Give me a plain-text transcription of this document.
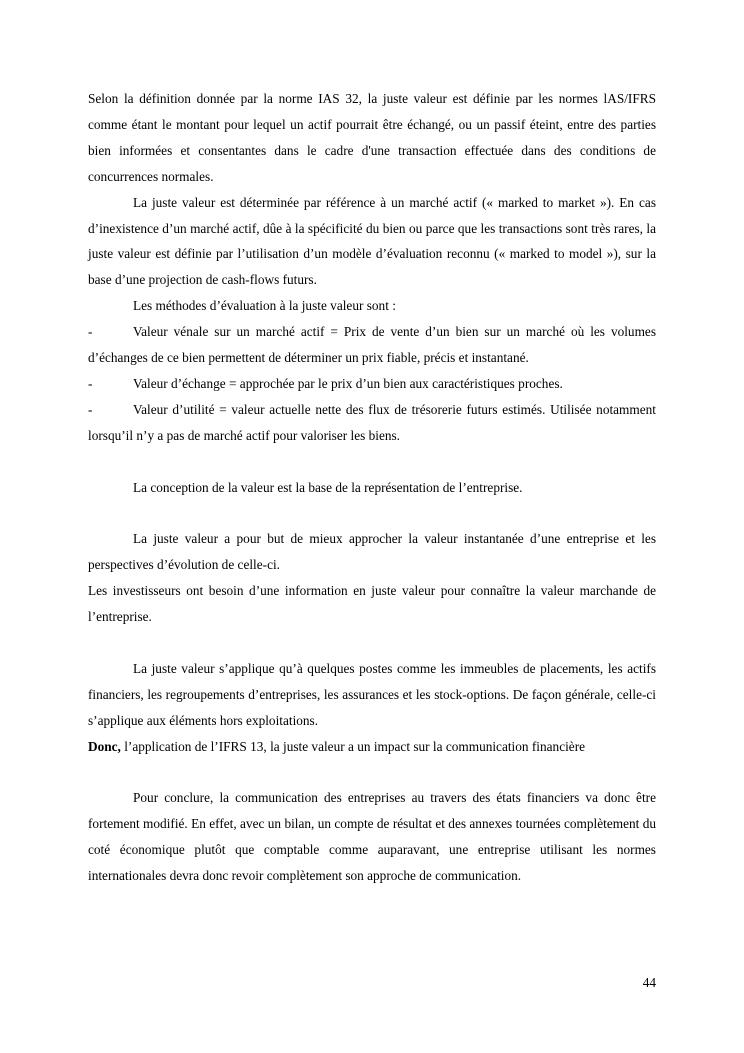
Selon la définition donnée par la norme IAS 32, la juste valeur est définie par les normes lAS/IFRS comme étant le montant pour lequel un actif pourrait être échangé, ou un passif éteint, entre des parties bien informées et consentantes dans le cadre d'une transaction effectuée dans des conditions de concurrences normales.

La juste valeur est déterminée par référence à un marché actif (« marked to market »). En cas d’inexistence d’un marché actif, dûe à la spécificité du bien ou parce que les transactions sont très rares, la juste valeur est définie par l’utilisation d’un modèle d’évaluation reconnu (« marked to model »), sur la base d’une projection de cash-flows futurs.

Les méthodes d’évaluation à la juste valeur sont :

-	Valeur vénale sur un marché actif = Prix de vente d’un bien sur un marché où les volumes d’échanges de ce bien permettent de déterminer un prix fiable, précis et instantané.

-	Valeur d’échange = approchée par le prix d’un bien aux caractéristiques proches.

-	Valeur d’utilité = valeur actuelle nette des flux de trésorerie futurs estimés. Utilisée notamment lorsqu’il n’y a pas de marché actif pour valoriser les biens.

La conception de la valeur est la base de la représentation de l’entreprise.

La juste valeur a pour but de mieux approcher la valeur instantanée d’une entreprise et les perspectives d’évolution de celle-ci.

Les investisseurs ont besoin d’une information en juste valeur pour connaître la valeur marchande de l’entreprise.

La juste valeur s’applique qu’à quelques postes comme les immeubles de placements, les actifs financiers, les regroupements d’entreprises, les assurances et les stock-options. De façon générale, celle-ci s’applique aux éléments hors exploitations.

Donc, l’application de l’IFRS 13, la juste valeur a un impact sur la communication financière

Pour conclure, la communication des entreprises au travers des états financiers va donc être fortement modifié. En effet, avec un bilan, un compte de résultat et des annexes tournées complètement du coté économique plutôt que comptable comme auparavant, une entreprise utilisant les normes internationales devra donc revoir complètement son approche de communication.

44
